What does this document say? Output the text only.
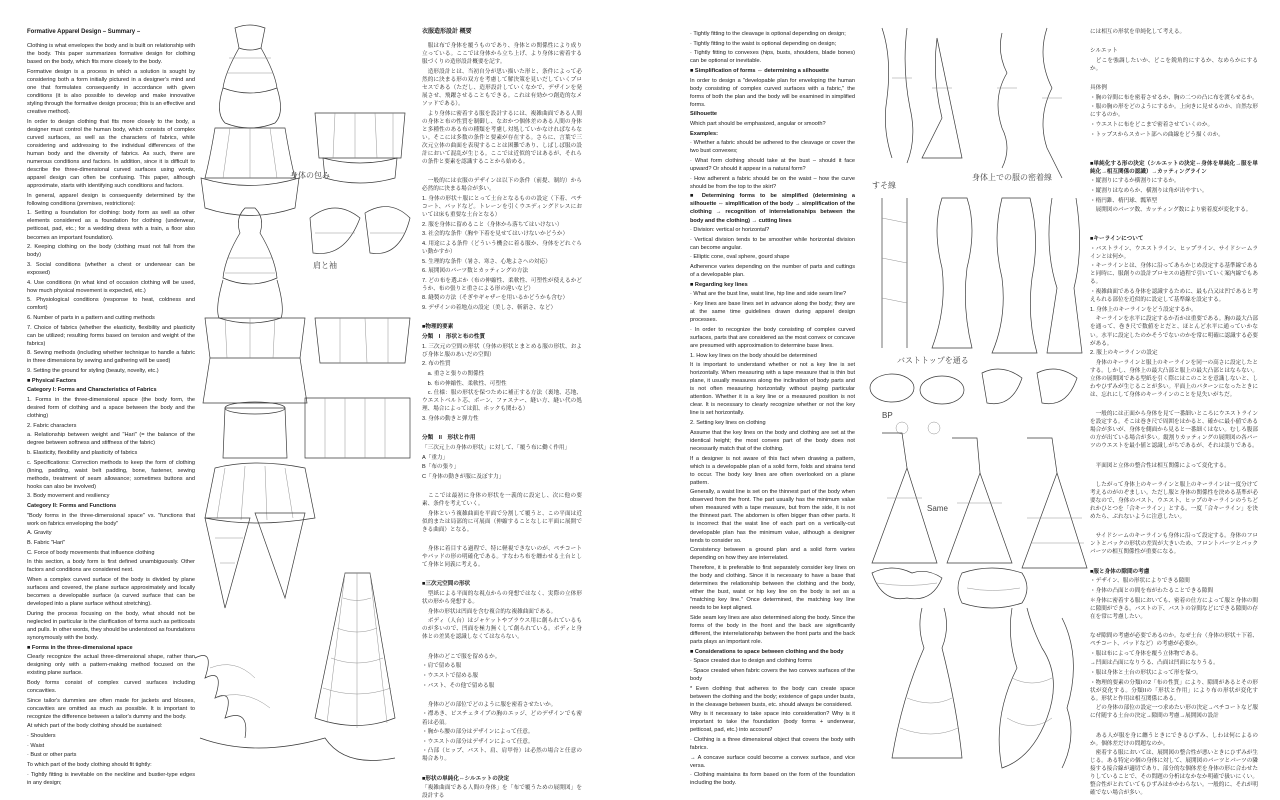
Formative Apparel Design – Summary –

Clothing is what envelopes the body and is built on relationship with the body. This paper summarizes formative design for clothing based on the body, which fits more closely to the body.

Formative design is a process in which a solution is sought by considering both a form initially pictured in a designer's mind and one that formulates consequently in accordance with given conditions (it is also possible to develop and make innovative styling through the formative design process; this is an effective and creative method).

In order to design clothing that fits more closely to the body, a designer must control the human body, which consists of complex curved surfaces, as well as the characters of fabrics, while considering and addressing to the individual differences of the human body and the diversity of fabrics. As such, there are numerous conditions and factors. In addition, since it is difficult to describe the three-dimensional curved surfaces using words, apparel design can often be confusing. This paper, although approximate, starts with identifying such conditions and factors.

In general, apparel design is consequently determined by the following conditions (premises, restrictions):

1. Setting a foundation for clothing: body form as well as other elements considered as a foundation for clothing (underwear, petticoat, pad, etc.; for a wedding dress with a train, a floor also becomes an important foundation).

2. Keeping clothing on the body (clothing must not fall from the body)

3. Social conditions (whether a chest or underwear can be exposed)

4. Use conditions (in what kind of occasion clothing will be used, how much physical movement is expected, etc.)

5. Physiological conditions (response to heat, coldness and comfort)

6. Number of parts in a pattern and cutting methods

7. Choice of fabrics (whether the elasticity, flexibility and plasticity can be utilized; resulting forms based on tension and weight of the fabrics)

8. Sewing methods (including whether technique to handle a fabric in three dimensions by sewing and gathering will be used)

9. Setting the ground for styling (beauty, novelty, etc.)

■ Physical Factors

Category I: Forms and Characteristics of Fabrics

1. Forms in the three-dimensional space (the body form, the desired form of clothing and a space between the body and the clothing)

2. Fabric characters

a. Relationship between weight and "Hari" (= the balance of the degree between softness and stiffness of the fabric)

b. Elasticity, flexibility and plasticity of fabrics

c. Specifications: Correction methods to keep the form of clothing (lining, padding, waist belt padding, bone, fastener, sewing methods, treatment of seam allowance; sometimes buttons and hooks can also be involved)

3. Body movement and resiliency

Category II: Forms and Functions

"Body forms in the three-dimensional space" vs. "functions that work on fabrics enveloping the body"

A. Gravity

B. Fabric "Hari"

C. Force of body movements that influence clothing

In this section, a body form is first defined unambiguously. Other factors and conditions are considered next.

When a complex curved surface of the body is divided by plane surfaces and covered, the plane surface approximately and locally becomes a developable surface (a curved surface that can be developed into a plane surface without stretching).

During the process focusing on the body, what should not be neglected in particular is the clarification of forms such as petticoats and pulls. In other words, they should be understood as foundations synonymously with the body.

■ Forms in the three-dimensional space

Clearly recognize the actual three-dimensional shape, rather than designing only with a pattern-making method focused on the existing plane surface.

Body forms consist of complex curved surfaces including concavities.

Since tailor's dummies are often made for jackets and blouses, concavities are omitted as much as possible. It is important to recognize the difference between a tailor's dummy and the body.

At which part of the body clothing should be sustained:

· Shoulders

· Waist

· Bust or other parts

To which part of the body clothing should fit tightly:

· Tightly fitting is inevitable on the neckline and bustier-type edges in any design;

衣服造形設計 概要

　服は布で身体を覆うものであり、身体との関係性により成り立っている。ここでは身体から立ち上げ、より身体に密着する服づくりの造形設計概要を記す。

　造形設計とは、当初自分が思い描いた形と、条件によって必然的に決まる形の双方を考慮して解決策を見いだしていくプロセスである（ただし、造形設計していくなかで、デザインを発展させ、飛躍させることもできる。これは有効かつ創造的なメソッドである）。

　より身体に密着する服を設計するには、複雑曲面である人間の身体と布の性質を制御し、なおかつ個体差のある人間の身体と多種性のある布の種類を考慮し対処していかなければならない。そこには多数の条件と要素が存在する。さらに、言葉で三次元立体の曲面を表現することは困難であり、しばしば服の設計において混乱が生じる。ここでは近似的ではあるが、それらの条件と要素を認識することから始める。

　一般的には衣服のデザインは以下の条件（前提、制約）から必然的に決まる場合が多い。

1. 身体の形状＋服にとって土台となるものの設定（下着、ペチコート、パッドなど。トレーンを引くウエディングドレスにおいては床も重要な土台となる）

2. 服を身体に留めること（身体から落ちてはいけない）

3. 社会的な条件（胸や下着を見せてはいけないかどうか）

4. 用途による条件（どういう機会に着る服か、身体をどれぐらい動かすか）

5. 生理的な条件（暑さ、寒さ、心地よさへの対応）

6. 展開図のパーツ数とカッティングの方法

7. どの布を選ぶか（布の伸縮性、柔軟性、可塑性が使えるかどうか、布の張りと重さによる形の違いなど）

8. 縫製の方法（そぎやギャザーを用いるかどうかも含む）

9. デザインの着地点の設定（美しさ、斬新さ、など）

■物理的要素

分類　I　形状と布の性質

1. 三次元の空間の形状（身体の形状とまとめる服の形状、および身体と服のあいだの空間）

2. 布の性質

　a. 重さと張りの関係性

　b. 布の伸縮性、柔軟性、可塑性

　c. 仕様：服の形状を保つために補正する方法（裏地、芯地、ウエストベルト芯、ボーン、ファスナー、縫い方、縫い代の処理、場合によっては釦、ホックも関わる）

3. 身体の動きと弾力性

分類　II　形状と作用

「三次元上の身体の形状」に対して、「覆う布に働く作用」

A「重力」

B「布の張り」

C「身体の動きが服に及ぼす力」

　ここでは最初に身体の形状を一義的に設定し、次に他の要素、条件を考えていく。

　身体という複雑曲面を平面で分割して覆うと、この平面は近似的または局部的に可展面（伸縮することなしに平面に展開できる曲面）となる。

　身体に着目する過程で、特に軽視できないのが、ペチコートやパッドの形の明確化である。すなわち布を纏わせる土台として身体と同義に考える。

■三次元空間の形状

　型紙による平面的な視点からの発想ではなく、実際の立体形状の形から発想する。

　身体の形状は凹面を含む複合的な複雑曲面である。

　ボディ（人台）はジャケットやブラウス用に創られているものが多いので、凹面を極力無くして創られている。ボディと身体との差異を認識しなくてはならない。

　身体のどこで服を留めるか。

・肩で留める服

・ウエストで留める服

・バスト、その他で留める服

　身体のどの部位でどのように服を密着させたいか。

・襟あき、ビスチェタイプの胸のエッジ、どのデザインでも密着は必須。

・胸から腰の部分はデザインによって任意。

・ウエストの部分はデザインによって任意。

・凸部（ヒップ、バスト、肩、肩甲骨）は必然の場合と任意の場合あり。

■形状の単純化⇔シルエットの決定

「複雑曲面である人間の身体」を「布で覆うための展開図」を設計する

· Tightly fitting to the cleavage is optional depending on design;

· Tightly fitting to the waist is optional depending on design;

· Tightly fitting to convexes (hips, busts, shoulders, blade bones) can be optional or inevitable.

■ Simplification of forms ⇔ determining a silhouette

In order to design a "developable plan for enveloping the human body consisting of complex curved surfaces with a fabric," the forms of both the plan and the body will be examined in simplified forms.

Silhouette

Which part should be emphasized, angular or smooth?

Examples:

· Whether a fabric should be adhered to the cleavage or cover the two bust convexes;

· What form clothing should take at the bust – should it face upward? Or should it appear in a natural form?

· How adherent a fabric should be on the waist – how the curve should be from the top to the skirt?

■ Determining forms to be simplified (determining a silhouette ⇔ simplification of the body → simplification of the clothing → recognition of interrelationships between the body and the clothing) → cutting lines

· Division: vertical or horizontal?

· Vertical division tends to be smoother while horizontal division can become angular.

· Elliptic cone, oval sphere, gourd shape

Adherence varies depending on the number of parts and cuttings of a developable plan.

■ Regarding key lines

· What are the bust line, waist line, hip line and side seam line?

· Key lines are base lines set in advance along the body; they are at the same time guidelines drawn during apparel design processes.

· In order to recognize the body consisting of complex curved surfaces, parts that are considered as the most convex or concave are presumed with approximation to determine base lines.

1. How key lines on the body should be determined

It is important to understand whether or not a key line is set horizontally. When measuring with a tape measure that is thin but plane, it usually measures along the inclination of body parts and is not often measuring horizontally without paying particular attention. Whether it is a key line or a measured position is not clear. It is necessary to clearly recognize whether or not the key line is set horizontally.

2. Setting key lines on clothing

Assume that the key lines on the body and clothing are set at the identical height; the most convex part of the body does not necessarily match that of the clothing.

If a designer is not aware of this fact when drawing a pattern, which is a developable plan of a solid form, folds and strains tend to occur. The body key lines are often overlooked on a plane pattern.

Generally, a waist line is set on the thinnest part of the body when observed from the front. The part usually has the minimum value when measured with a tape measure, but from the side, it is not the thinnest part. The abdomen is often bigger than other parts. It is incorrect that the waist line of each part on a vertically-cut developable plan has the minimum value, although a designer tends to consider so.

Consistency between a ground plan and a solid form varies depending on how they are interrelated.

Therefore, it is preferable to first separately consider key lines on the body and clothing. Since it is necessary to have a base that determines the relationship between the clothing and the body, either the bust, waist or hip key line on the body is set as a "matching key line." Once determined, the matching key line needs to be kept aligned.

Side seam key lines are also determined along the body. Since the forms of the body in the front and the back are significantly different, the interrelationship between the front parts and the back parts plays an important role.

■ Considerations to space between clothing and the body

· Space created due to design and clothing forms

· Space created when fabric covers the two convex surfaces of the body

* Even clothing that adheres to the body can create space between the clothing and the body; existence of gaps under busts, in the cleavage between busts, etc. should always be considered.

Why is it necessary to take space into consideration? Why is it important to take the foundation (body forms + underwear, petticoat, pad, etc.) into account?

· Clothing is a three dimensional object that covers the body with fabrics.

→ A concave surface could become a convex surface, and vice versa.

· Clothing maintains its form based on the form of the foundation including the body.

には相互の形状を単純化して考える。

シルエット

　どこを強調したいか、どこを鋭角的にするか、なめらかにするか。

具体例

・胸の谷間に布を密着させるか、胸の二つの凸に布を渡らせるか。

・服の胸の形をどのようにするか。上向きに見せるのか、自然な形にするのか。

・ウエストに布をどこまで密着させていくのか。

・トップスからスカート部への曲線をどう描くのか。

■単純化する形の決定（シルエットの決定⇔身体を単純化→服を単純化→相互関係の認識）→カッティングライン

・縦割りにするか横割りにするか。

・縦割りはなめらか、横割りは角が出やすい。

・楕円錐、楕円球、瓢箪型

　展開図のパーツ数、カッティング数により密着度が変化する。

■キーラインについて

・バストライン、ウエストライン、ヒップライン、サイドシームラインとは何か。

・キーラインとは、身体に沿ってあらかじめ設定する基準線であると同時に、服創りの設計プロセスの過程で引いていく案内線でもある。

・複雑曲面である身体を認識するために、最も凸又は凹であると考えられる部位を近似的に設定して基準線を設定する。

1. 身体上のキーラインをどう設定するか。

　キーラインを水平に設定するか否かは重要である。胸の最大凸部を通って、巻き尺で数値をとだと、ほとんど水平に通っていかない。水平に設定したのかそうでないのかを常に明確に認識する必要がある。

2. 服上のキーラインの設定

　身体のキーラインと服上のキーラインを同一の高さに設定したとする。しかし、身体上の最大凸部と服上の最大凸部とはならない。立体の展開図である型紙を引く際にはこのことを意識しないと、しわやひずみが生じることが多い。平面上のパターンになったときには、忘れにして身体のキーラインのことを見失いがちだ。

　一般的には正面から身体を見て一番細いところにウエストラインを設定する。そこは巻き尺で周囲をはかると、確かに最小値である場合が多いが、身体を側面から見ると一番細くはない。むしろ腹部の方が出ている場合が多い。縦割りカッティングの展開図の各パーツのウエストを最小値と認識しがちであるが、それは誤りである。

　平面図と立体の整合性は相互関係によって変化する。

　したがって身体上のキーラインと服上のキーラインは一度分けて考えるのがのぞましい。ただし服と身体の関係性を決める基準が必要なので、身体のバスト、ウエスト、ヒップのキーラインのうちどれかひとつを「合キーライン」とする。一度「合キーライン」を決めたら、ぶれないように注意したい。

　サイドシームのキーラインも身体に沿って設定する。身体のフロントとバックの形状の差異が大きいため、フロントパーツとバックパーツの相互関係性が重要になる。

■服と身体の隙間の考慮

・デザイン、服の形状によりできる隙間

・身体の凸面との間を布がわたることできる隙間

＊身体に密着する服においても、密着の仕方によって服と身体の間に隙間ができる。バストの下、バストの谷間などにできる隙間の存在を常に考慮したい。

なぜ隙間の考慮が必要であるのか。なぜ土台（身体の形状＋下着、ペチコート、パッドなど）の考慮が必要か。

・服は布によって身体を覆う立体物である。

→凹面は凸面になりうる、凸面は凹面になりうる。

・服は身体と土台の形状によって形を保つ。

・物理的要素の分類Iの2「布の性質」により、隙間があるとその形状が変化する。分類IIの「形状と作用」により布の形状が変化する。形状と作用は相互関係にある。

　どの身体の部位の設定一つ求めたい形の決定→ペチコートなど服に付随する土台の決定→隙間の考慮→展開図の設計

　ある人が服を身に纏うときにできるひずみ、しわは何によるのか。個体差だけの問題なのか。

　密着する服においては、展開図の整合性が悪いときにひずみが生じる。ある特定の個の身体に対して、展開図のパーツとパーツの隣接する接合線が適切であり、部分的な個体差を身体の形に合わせたりしていることで、その問題の分析はなかなか明確で扱いにくい。整合性がとれていてもひずみはかかわらない。一般的に、それが明確でない場合が多い。

身体の包み
肩と袖
すそ線
身体上での服の密着線
バストトップを通る
BP
Same
